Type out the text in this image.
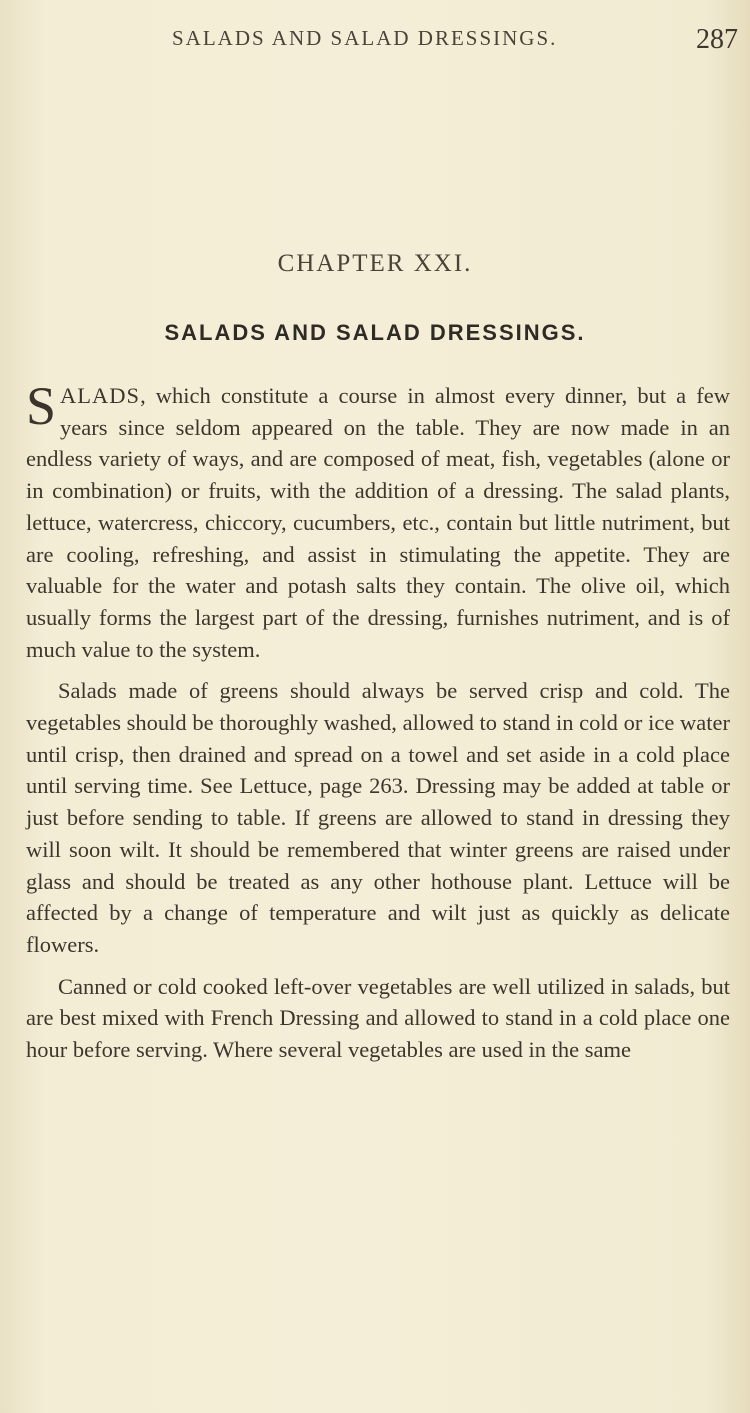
SALADS AND SALAD DRESSINGS.	287
CHAPTER XXI.
SALADS AND SALAD DRESSINGS.

SALADS, which constitute a course in almost every dinner, but a few years since seldom appeared on the table. They are now made in an endless variety of ways, and are composed of meat, fish, vegetables (alone or in combination) or fruits, with the addition of a dressing. The salad plants, lettuce, watercress, chiccory, cucumbers, etc., contain but little nutriment, but are cooling, refreshing, and assist in stimulating the appetite. They are valuable for the water and potash salts they contain. The olive oil, which usually forms the largest part of the dressing, furnishes nutriment, and is of much value to the system.

Salads made of greens should always be served crisp and cold. The vegetables should be thoroughly washed, allowed to stand in cold or ice water until crisp, then drained and spread on a towel and set aside in a cold place until serving time. See Lettuce, page 263. Dressing may be added at table or just before sending to table. If greens are allowed to stand in dressing they will soon wilt. It should be remembered that winter greens are raised under glass and should be treated as any other hothouse plant. Lettuce will be affected by a change of temperature and wilt just as quickly as delicate flowers.

Canned or cold cooked left-over vegetables are well utilized in salads, but are best mixed with French Dressing and allowed to stand in a cold place one hour before serving. Where several vegetables are used in the same
